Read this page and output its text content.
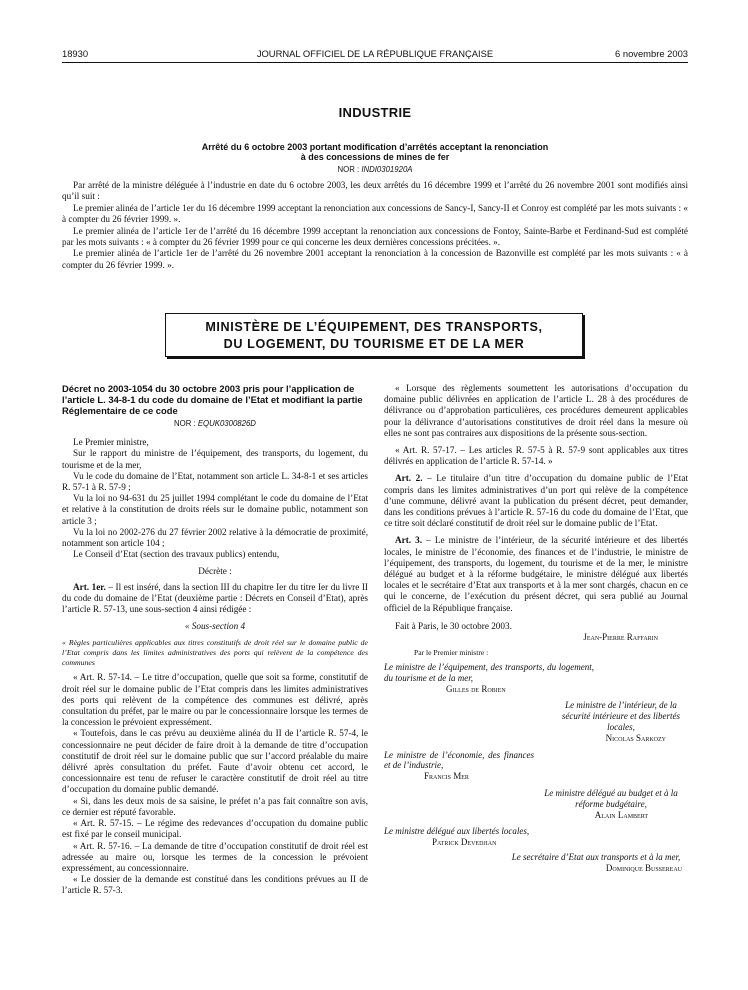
18930	JOURNAL OFFICIEL DE LA RÉPUBLIQUE FRANÇAISE	6 novembre 2003
INDUSTRIE
Arrêté du 6 octobre 2003 portant modification d’arrêtés acceptant la renonciation
à des concessions de mines de fer
NOR : INDI0301920A

Par arrêté de la ministre déléguée à l’industrie en date du 6 octobre 2003, les deux arrêtés du 16 décembre 1999 et l’arrêté du 26 novembre 2001 sont modifiés ainsi qu’il suit :

Le premier alinéa de l’article 1er du 16 décembre 1999 acceptant la renonciation aux concessions de Sancy-I, Sancy-II et Conroy est complété par les mots suivants : « à compter du 26 février 1999. ».

Le premier alinéa de l’article 1er de l’arrêté du 16 décembre 1999 acceptant la renonciation aux concessions de Fontoy, Sainte-Barbe et Ferdinand-Sud est complété par les mots suivants : « à compter du 26 février 1999 pour ce qui concerne les deux dernières concessions précitées. ».

Le premier alinéa de l’article 1er de l’arrêté du 26 novembre 2001 acceptant la renonciation à la concession de Bazonville est complété par les mots suivants : « à compter du 26 février 1999. ».

MINISTÈRE DE L’ÉQUIPEMENT, DES TRANSPORTS,
DU LOGEMENT, DU TOURISME ET DE LA MER

Décret no 2003-1054 du 30 octobre 2003 pris pour l’application de l’article L. 34-8-1 du code du domaine de l’Etat et modifiant la partie Réglementaire de ce code

NOR : EQUK0300826D

Le Premier ministre,

Sur le rapport du ministre de l’équipement, des transports, du logement, du tourisme et de la mer,

Vu le code du domaine de l’Etat, notamment son article L. 34-8-1 et ses articles R. 57-1 à R. 57-9 ;

Vu la loi no 94-631 du 25 juillet 1994 complétant le code du domaine de l’Etat et relative à la constitution de droits réels sur le domaine public, notamment son article 3 ;

Vu la loi no 2002-276 du 27 février 2002 relative à la démocratie de proximité, notamment son article 104 ;

Le Conseil d’Etat (section des travaux publics) entendu,

Décrète :

Art. 1er. – Il est inséré, dans la section III du chapitre Ier du titre Ier du livre II du code du domaine de l’Etat (deuxième partie : Décrets en Conseil d’Etat), après l’article R. 57-13, une sous-section 4 ainsi rédigée :

« Sous-section 4

« Règles particulières applicables aux titres constitutifs de droit réel sur le domaine public de l’Etat compris dans les limites administratives des ports qui relèvent de la compétence des communes

« Art. R. 57-14. – Le titre d’occupation, quelle que soit sa forme, constitutif de droit réel sur le domaine public de l’Etat compris dans les limites administratives des ports qui relèvent de la compétence des communes est délivré, après consultation du préfet, par le maire ou par le concessionnaire lorsque les termes de la concession le prévoient expressément.

« Toutefois, dans le cas prévu au deuxième alinéa du II de l’article R. 57-4, le concessionnaire ne peut décider de faire droit à la demande de titre d’occupation constitutif de droit réel sur le domaine public que sur l’accord préalable du maire délivré après consultation du préfet. Faute d’avoir obtenu cet accord, le concessionnaire est tenu de refuser le caractère constitutif de droit réel au titre d’occupation du domaine public demandé.

« Si, dans les deux mois de sa saisine, le préfet n’a pas fait connaître son avis, ce dernier est réputé favorable.

« Art. R. 57-15. – Le régime des redevances d’occupation du domaine public est fixé par le conseil municipal.

« Art. R. 57-16. – La demande de titre d’occupation constitutif de droit réel est adressée au maire ou, lorsque les termes de la concession le prévoient expressément, au concessionnaire.

« Le dossier de la demande est constitué dans les conditions prévues au II de l’article R. 57-3.

« Lorsque des règlements soumettent les autorisations d’occupation du domaine public délivrées en application de l’article L. 28 à des procédures de délivrance ou d’approbation particulières, ces procédures demeurent applicables pour la délivrance d’autorisations constitutives de droit réel dans la mesure où elles ne sont pas contraires aux dispositions de la présente sous-section.

« Art. R. 57-17. – Les articles R. 57-5 à R. 57-9 sont applicables aux titres délivrés en application de l’article R. 57-14. »

Art. 2. – Le titulaire d’un titre d’occupation du domaine public de l’Etat compris dans les limites administratives d’un port qui relève de la compétence d’une commune, délivré avant la publication du présent décret, peut demander, dans les conditions prévues à l’article R. 57-16 du code du domaine de l’Etat, que ce titre soit déclaré constitutif de droit réel sur le domaine public de l’Etat.

Art. 3. – Le ministre de l’intérieur, de la sécurité intérieure et des libertés locales, le ministre de l’économie, des finances et de l’industrie, le ministre de l’équipement, des transports, du logement, du tourisme et de la mer, le ministre délégué au budget et à la réforme budgétaire, le ministre délégué aux libertés locales et le secrétaire d’Etat aux transports et à la mer sont chargés, chacun en ce qui le concerne, de l’exécution du présent décret, qui sera publié au Journal officiel de la République française.

Fait à Paris, le 30 octobre 2003.

Jean-Pierre Raffarin

Par le Premier ministre :

Le ministre de l’équipement, des transports, du logement, du tourisme et de la mer,

Gilles de Robien

Le ministre de l’intérieur, de la sécurité intérieure et des libertés locales,

Nicolas Sarkozy

Le ministre de l’économie, des finances et de l’industrie,

Francis Mer

Le ministre délégué au budget et à la réforme budgétaire,

Alain Lambert

Le ministre délégué aux libertés locales,

Patrick Devedjian

Le secrétaire d’Etat aux transports et à la mer,

Dominique Bussereau
